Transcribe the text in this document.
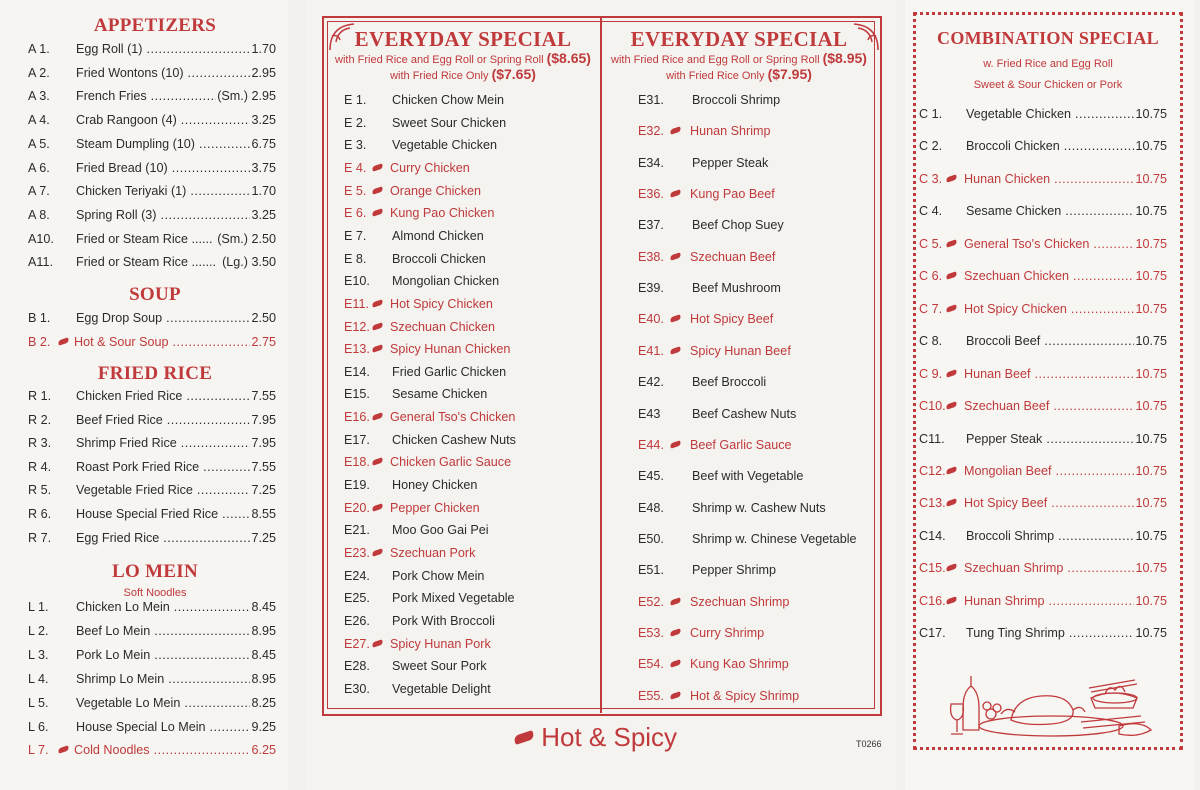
APPETIZERS
A 1.	Egg Roll (1) .....	1.70
A 2.	Fried Wontons (10) .....	2.95
A 3.	French Fries .....	(Sm.) 2.95
A 4.	Crab Rangoon (4) .....	3.25
A 5.	Steam Dumpling (10) .....	6.75
A 6.	Fried Bread (10) .....	3.75
A 7.	Chicken Teriyaki (1) .....	1.70
A 8.	Spring Roll (3) .....	3.25
A10.	Fried or Steam Rice ...... ..... (Sm.) 2.50
A11.	Fried or Steam Rice ....... ..... (Lg.) 3.50
SOUP
B 1.	Egg Drop Soup .....	2.50
B 2.	Hot & Sour Soup .....	2.75
FRIED RICE
R 1.	Chicken Fried Rice .....	7.55
R 2.	Beef Fried Rice .....	7.95
R 3.	Shrimp Fried Rice .....	7.95
R 4.	Roast Pork Fried Rice .....	7.55
R 5.	Vegetable Fried Rice .....	7.25
R 6.	House Special Fried Rice .....	8.55
R 7.	Egg Fried Rice .....	7.25
LO MEIN
Soft Noodles
L 1.	Chicken Lo Mein .....	8.45
L 2.	Beef Lo Mein .....	8.95
L 3.	Pork Lo Mein .....	8.45
L 4.	Shrimp Lo Mein .....	8.95
L 5.	Vegetable Lo Mein .....	8.25
L 6.	House Special Lo Mein .....	9.25
L 7.	Cold Noodles .....	6.25
EVERYDAY SPECIAL
with Fried Rice and Egg Roll or Spring Roll ($8.65)
with Fried Rice Only ($7.65)
EVERYDAY SPECIAL
with Fried Rice and Egg Roll or Spring Roll ($8.95)
with Fried Rice Only ($7.95)
E 1.	Chicken Chow Mein
E 2.	Sweet Sour Chicken
E 3.	Vegetable Chicken
E 4.	Curry Chicken
E 5.	Orange Chicken
E 6.	Kung Pao Chicken
E 7.	Almond Chicken
E 8.	Broccoli Chicken
E10.	Mongolian Chicken
E11.	Hot Spicy Chicken
E12.	Szechuan Chicken
E13.	Spicy Hunan Chicken
E14.	Fried Garlic Chicken
E15.	Sesame Chicken
E16.	General Tso's Chicken
E17.	Chicken Cashew Nuts
E18.	Chicken Garlic Sauce
E19.	Honey Chicken
E20.	Pepper Chicken
E21.	Moo Goo Gai Pei
E23.	Szechuan Pork
E24.	Pork Chow Mein
E25.	Pork Mixed Vegetable
E26.	Pork With Broccoli
E27.	Spicy Hunan Pork
E28.	Sweet Sour Pork
E30.	Vegetable Delight
E31.	Broccoli Shrimp
E32.	Hunan Shrimp
E34.	Pepper Steak
E36.	Kung Pao Beef
E37.	Beef Chop Suey
E38.	Szechuan Beef
E39.	Beef Mushroom
E40.	Hot Spicy Beef
E41.	Spicy Hunan Beef
E42.	Beef Broccoli
E43	Beef Cashew Nuts
E44.	Beef Garlic Sauce
E45.	Beef with Vegetable
E48.	Shrimp w. Cashew Nuts
E50.	Shrimp w. Chinese Vegetable
E51.	Pepper Shrimp
E52.	Szechuan Shrimp
E53.	Curry Shrimp
E54.	Kung Kao Shrimp
E55.	Hot & Spicy Shrimp
Hot & Spicy	T0266
COMBINATION SPECIAL
w. Fried Rice and Egg Roll
Sweet & Sour Chicken or Pork
C 1.	Vegetable Chicken .....	10.75
C 2.	Broccoli Chicken .....	10.75
C 3.	Hunan Chicken .....	10.75
C 4.	Sesame Chicken .....	10.75
C 5.	General Tso's Chicken .....	10.75
C 6.	Szechuan Chicken .....	10.75
C 7.	Hot Spicy Chicken .....	10.75
C 8.	Broccoli Beef .....	10.75
C 9.	Hunan Beef .....	10.75
C10.	Szechuan Beef .....	10.75
C11.	Pepper Steak .....	10.75
C12.	Mongolian Beef .....	10.75
C13.	Hot Spicy Beef .....	10.75
C14.	Broccoli Shrimp .....	10.75
C15.	Szechuan Shrimp .....	10.75
C16.	Hunan Shrimp .....	10.75
C17.	Tung Ting Shrimp .....	10.75
